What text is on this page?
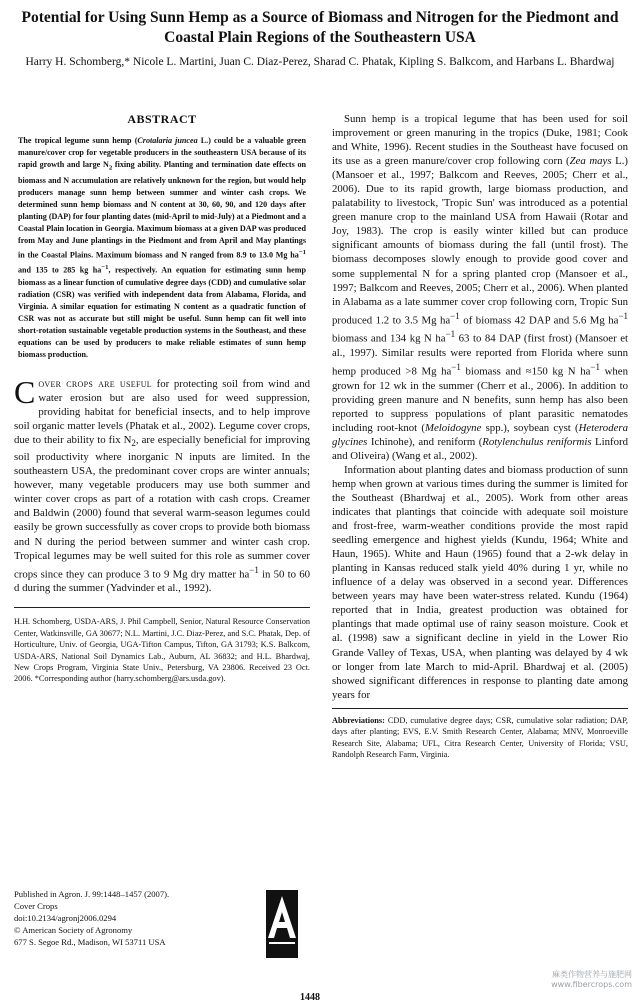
Potential for Using Sunn Hemp as a Source of Biomass and Nitrogen for the Piedmont and Coastal Plain Regions of the Southeastern USA
Harry H. Schomberg,* Nicole L. Martini, Juan C. Diaz-Perez, Sharad C. Phatak, Kipling S. Balkcom, and Harbans L. Bhardwaj
ABSTRACT

The tropical legume sunn hemp (Crotalaria juncea L.) could be a valuable green manure/cover crop for vegetable producers in the southeastern USA because of its rapid growth and large $N_2$ fixing ability. Planting and termination date effects on biomass and N accumulation are relatively unknown for the region, but would help producers manage sunn hemp between summer and winter cash crops. We determined sunn hemp biomass and N content at 30, 60, 90, and 120 days after planting (DAP) for four planting dates (mid-April to mid-July) at a Piedmont and a Coastal Plain location in Georgia. Maximum biomass at a given DAP was produced from May and June plantings in the Piedmont and from April and May plantings in the Coastal Plains. Maximum biomass and N ranged from 8.9 to 13.0 Mg $ha^{-1}$ and 135 to 285 kg $ha^{-1}$, respectively. An equation for estimating sunn hemp biomass as a linear function of cumulative degree days (CDD) and cumulative solar radiation (CSR) was verified with independent data from Alabama, Florida, and Virginia. A similar equation for estimating N content as a quadratic function of CSR was not as accurate but still might be useful. Sunn hemp can fit well into short-rotation sustainable vegetable production systems in the Southeast, and these equations can be used by producers to make reliable estimates of sunn hemp biomass production.

Cover crops are useful for protecting soil from wind and water erosion but are also used for weed suppression, providing habitat for beneficial insects, and to help improve soil organic matter levels (Phatak et al., 2002). Legume cover crops, due to their ability to fix $N_2$, are especially beneficial for improving soil productivity where inorganic N inputs are limited. In the southeastern USA, the predominant cover crops are winter annuals; however, many vegetable producers may use both summer and winter cover crops as part of a rotation with cash crops. Creamer and Baldwin (2000) found that several warm-season legumes could easily be grown successfully as cover crops to provide both biomass and N during the period between summer and winter cash crop. Tropical legumes may be well suited for this role as summer cover crops since they can produce 3 to 9 Mg dry matter $ha^{-1}$ in 50 to 60 d during the summer (Yadvinder et al., 1992).

H.H. Schomberg, USDA-ARS, J. Phil Campbell, Senior, Natural Resource Conservation Center, Watkinsville, GA 30677; N.L. Martini, J.C. Diaz-Perez, and S.C. Phatak, Dep. of Horticulture, Univ. of Georgia, UGA-Tifton Campus, Tifton, GA 31793; K.S. Balkcom, USDA-ARS, National Soil Dynamics Lab., Auburn, AL 36832; and H.L. Bhardwaj, New Crops Program, Virginia State Univ., Petersburg, VA 23806. Received 23 Oct. 2006. *Corresponding author (harry.schomberg@ars.usda.gov).

Published in Agron. J. 99:1448–1457 (2007).
Cover Crops
doi:10.2134/agronj2006.0294
© American Society of Agronomy
677 S. Segoe Rd., Madison, WI 53711 USA

Sunn hemp is a tropical legume that has been used for soil improvement or green manuring in the tropics (Duke, 1981; Cook and White, 1996). Recent studies in the Southeast have focused on its use as a green manure/cover crop following corn (Zea mays L.) (Mansoer et al., 1997; Balkcom and Reeves, 2005; Cherr et al., 2006). Due to its rapid growth, large biomass production, and palatability to livestock, 'Tropic Sun' was introduced as a potential green manure crop to the mainland USA from Hawaii (Rotar and Joy, 1983). The crop is easily winter killed but can produce significant amounts of biomass during the fall (until frost). The biomass decomposes slowly enough to provide good cover and some supplemental N for a spring planted crop (Mansoer et al., 1997; Balkcom and Reeves, 2005; Cherr et al., 2006). When planted in Alabama as a late summer cover crop following corn, Tropic Sun produced 1.2 to 3.5 Mg $ha^{-1}$ of biomass 42 DAP and 5.6 Mg $ha^{-1}$ biomass and 134 kg N $ha^{-1}$ 63 to 84 DAP (first frost) (Mansoer et al., 1997). Similar results were reported from Florida where sunn hemp produced >8 Mg $ha^{-1}$ biomass and ≈150 kg N $ha^{-1}$ when grown for 12 wk in the summer (Cherr et al., 2006). In addition to providing green manure and N benefits, sunn hemp has also been reported to suppress populations of plant parasitic nematodes including root-knot (Meloidogyne spp.), soybean cyst (Heterodera glycines Ichinohe), and reniform (Rotylenchulus reniformis Linford and Oliveira) (Wang et al., 2002).

Information about planting dates and biomass production of sunn hemp when grown at various times during the summer is limited for the Southeast (Bhardwaj et al., 2005). Work from other areas indicates that plantings that coincide with adequate soil moisture and frost-free, warm-weather conditions provide the most rapid seedling emergence and highest yields (Kundu, 1964; White and Haun, 1965). White and Haun (1965) found that a 2-wk delay in planting in Kansas reduced stalk yield 40% during 1 yr, while no influence of a delay was observed in a second year. Differences between years may have been water-stress related. Kundu (1964) reported that in India, greatest production was obtained for plantings that made optimal use of rainy season moisture. Cook et al. (1998) saw a significant decline in yield in the Lower Rio Grande Valley of Texas, USA, when planting was delayed by 4 wk or longer from late March to mid-April. Bhardwaj et al. (2005) showed significant differences in response to planting date among years for

Abbreviations: CDD, cumulative degree days; CSR, cumulative solar radiation; DAP, days after planting; EVS, E.V. Smith Research Center, Alabama; MNV, Monroeville Research Site, Alabama; UFL, Citra Research Center, University of Florida; VSU, Randolph Research Farm, Virginia.

1448
麻类作物营养与施肥网
www.fibercrops.com
